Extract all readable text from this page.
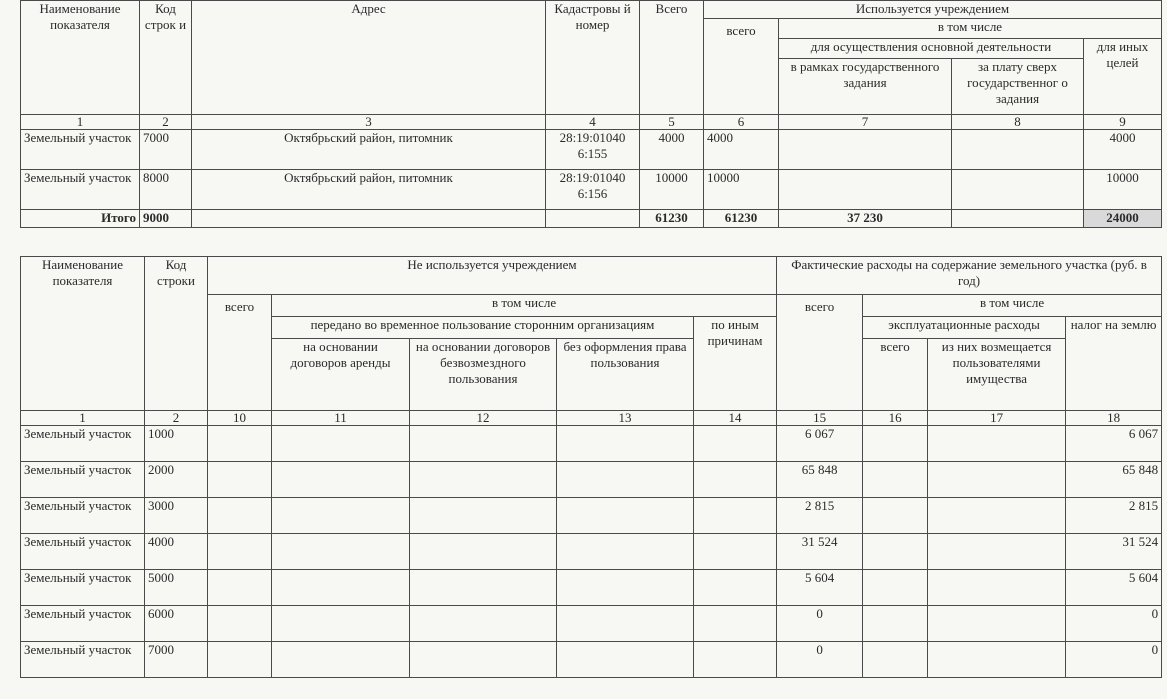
Наименование показателя	Код строк и	Адрес	Кадастровы й номер	Всего	Используется учреждением			
					всего	в том числе		
						для осуществления основной деятельности		для иных целей
						в рамках государственного задания	за плату сверх государственног о задания	
1	2	3	4	5	6	7	8	9
Земельный участок	7000	Октябрьский район, питомник	28:19:01040 6:155	4000	4000			4000
Земельный участок	8000	Октябрьский район, питомник	28:19:01040 6:156	10000	10000			10000
Итого	9000			61230	61230	37 230		24000
Наименование показателя	Код строки	Не используется учреждением					Фактические расходы на содержание земельного участка (руб. в год)			
		всего	в том числе				всего	в том числе		
			передано во временное пользование сторонним организациям			по иным причинам		эксплуатационные расходы		налог на землю
			на основании договоров аренды	на основании договоров безвозмездного пользования	без оформления права пользования			всего	из них возмещается пользователями имущества	
1	2	10	11	12	13	14	15	16	17	18
Земельный участок	1000						6 067			6 067
Земельный участок	2000						65 848			65 848
Земельный участок	3000						2 815			2 815
Земельный участок	4000						31 524			31 524
Земельный участок	5000						5 604			5 604
Земельный участок	6000						0			0
Земельный участок	7000						0			0
